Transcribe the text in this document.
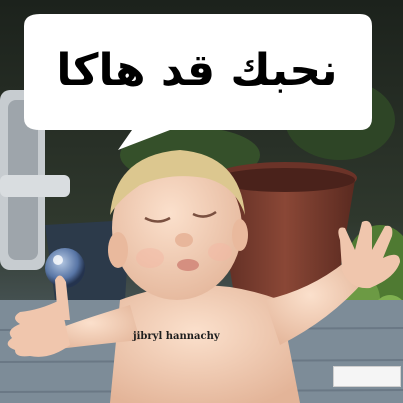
نحبك قد هاكا
jibryl hannachy
